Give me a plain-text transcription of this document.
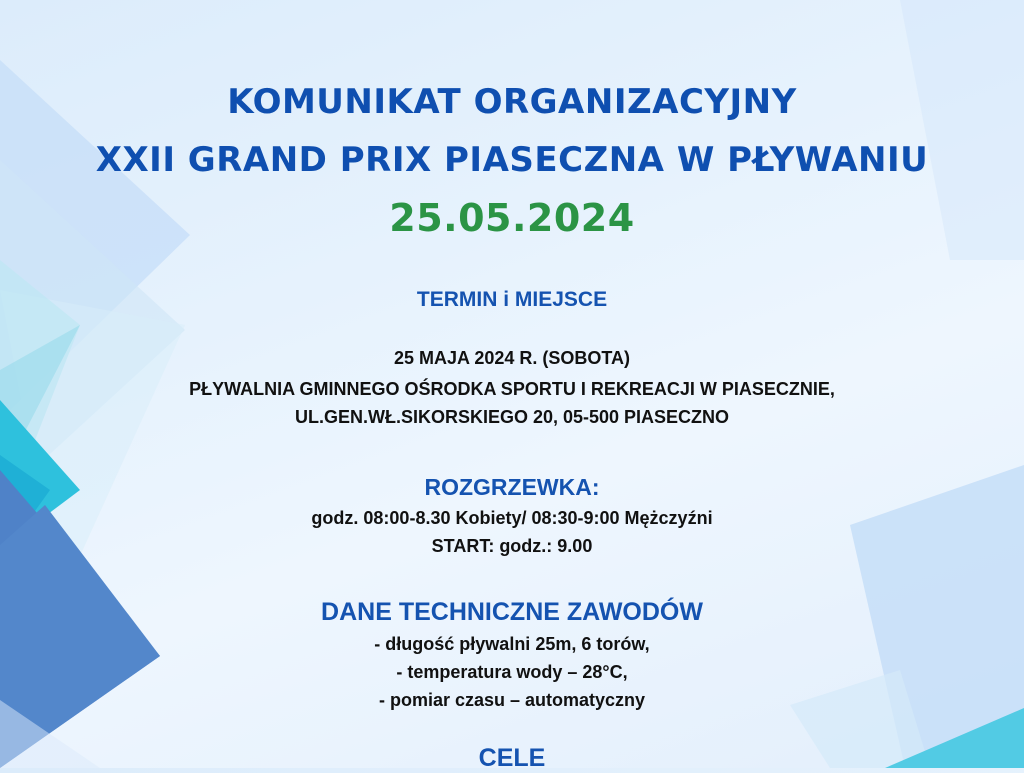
KOMUNIKAT ORGANIZACYJNY
XXII GRAND PRIX PIASECZNA W PŁYWANIU
25.05.2024
TERMIN i MIEJSCE
25 MAJA 2024 R. (SOBOTA)
PŁYWALNIA GMINNEGO OŚRODKA SPORTU I REKREACJI W PIASECZNIE,
UL.GEN.WŁ.SIKORSKIEGO 20, 05-500 PIASECZNO
ROZGRZEWKA:
godz. 08:00-8.30 Kobiety/ 08:30-9:00 Mężczyźni
START: godz.: 9.00
DANE TECHNICZNE ZAWODÓW
- długość pływalni 25m, 6 torów,
- temperatura wody – 28°C,
- pomiar czasu – automatyczny
CELE
